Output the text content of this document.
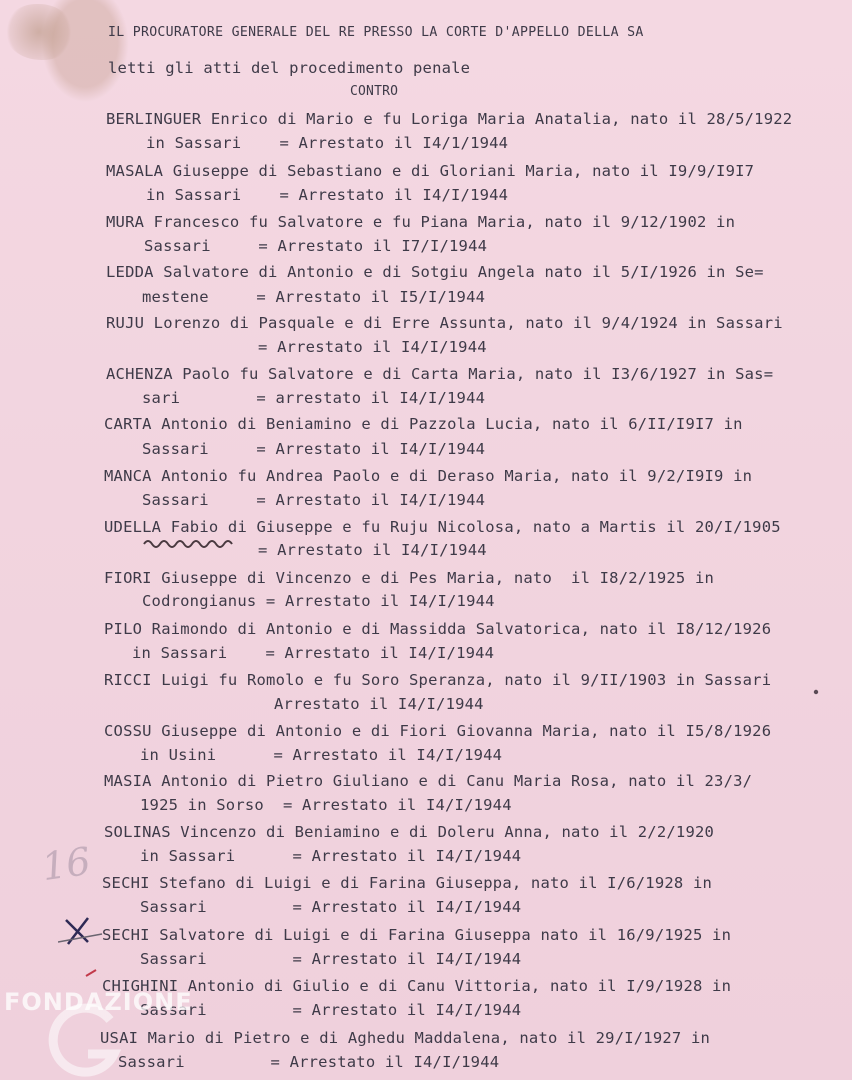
IL PROCURATORE GENERALE DEL RE PRESSO LA CORTE D'APPELLO DELLA SA
letti gli atti del procedimento penale
CONTRO
BERLINGUER Enrico di Mario e fu Loriga Maria Anatalia, nato il 28/5/1922
in Sassari    = Arrestato il I4/1/1944
MASALA Giuseppe di Sebastiano e di Gloriani Maria, nato il I9/9/I9I7
in Sassari    = Arrestato il I4/I/1944
MURA Francesco fu Salvatore e fu Piana Maria, nato il 9/12/1902 in
Sassari     = Arrestato il I7/I/1944
LEDDA Salvatore di Antonio e di Sotgiu Angela nato il 5/I/1926 in Se=
mestene     = Arrestato il I5/I/1944
RUJU Lorenzo di Pasquale e di Erre Assunta, nato il 9/4/1924 in Sassari
= Arrestato il I4/I/1944
ACHENZA Paolo fu Salvatore e di Carta Maria, nato il I3/6/1927 in Sas=
sari        = arrestato il I4/I/1944
CARTA Antonio di Beniamino e di Pazzola Lucia, nato il 6/II/I9I7 in
Sassari     = Arrestato il I4/I/1944
MANCA Antonio fu Andrea Paolo e di Deraso Maria, nato il 9/2/I9I9 in
Sassari     = Arrestato il I4/I/1944
UDELLA Fabio di Giuseppe e fu Ruju Nicolosa, nato a Martis il 20/I/1905
= Arrestato il I4/I/1944
FIORI Giuseppe di Vincenzo e di Pes Maria, nato  il I8/2/1925 in
Codrongianus = Arrestato il I4/I/1944
PILO Raimondo di Antonio e di Massidda Salvatorica, nato il I8/12/1926
in Sassari    = Arrestato il I4/I/1944
RICCI Luigi fu Romolo e fu Soro Speranza, nato il 9/II/1903 in Sassari
Arrestato il I4/I/1944
COSSU Giuseppe di Antonio e di Fiori Giovanna Maria, nato il I5/8/1926
in Usini      = Arrestato il I4/I/1944
MASIA Antonio di Pietro Giuliano e di Canu Maria Rosa, nato il 23/3/
1925 in Sorso  = Arrestato il I4/I/1944
SOLINAS Vincenzo di Beniamino e di Doleru Anna, nato il 2/2/1920
in Sassari      = Arrestato il I4/I/1944
SECHI Stefano di Luigi e di Farina Giuseppa, nato il I/6/1928 in
Sassari         = Arrestato il I4/I/1944
SECHI Salvatore di Luigi e di Farina Giuseppa nato il 16/9/1925 in
Sassari         = Arrestato il I4/I/1944
CHIGHINI Antonio di Giulio e di Canu Vittoria, nato il I/9/1928 in
Sassari         = Arrestato il I4/I/1944
USAI Mario di Pietro e di Aghedu Maddalena, nato il 29/I/1927 in
Sassari         = Arrestato il I4/I/1944
16
FONDAZIONE
